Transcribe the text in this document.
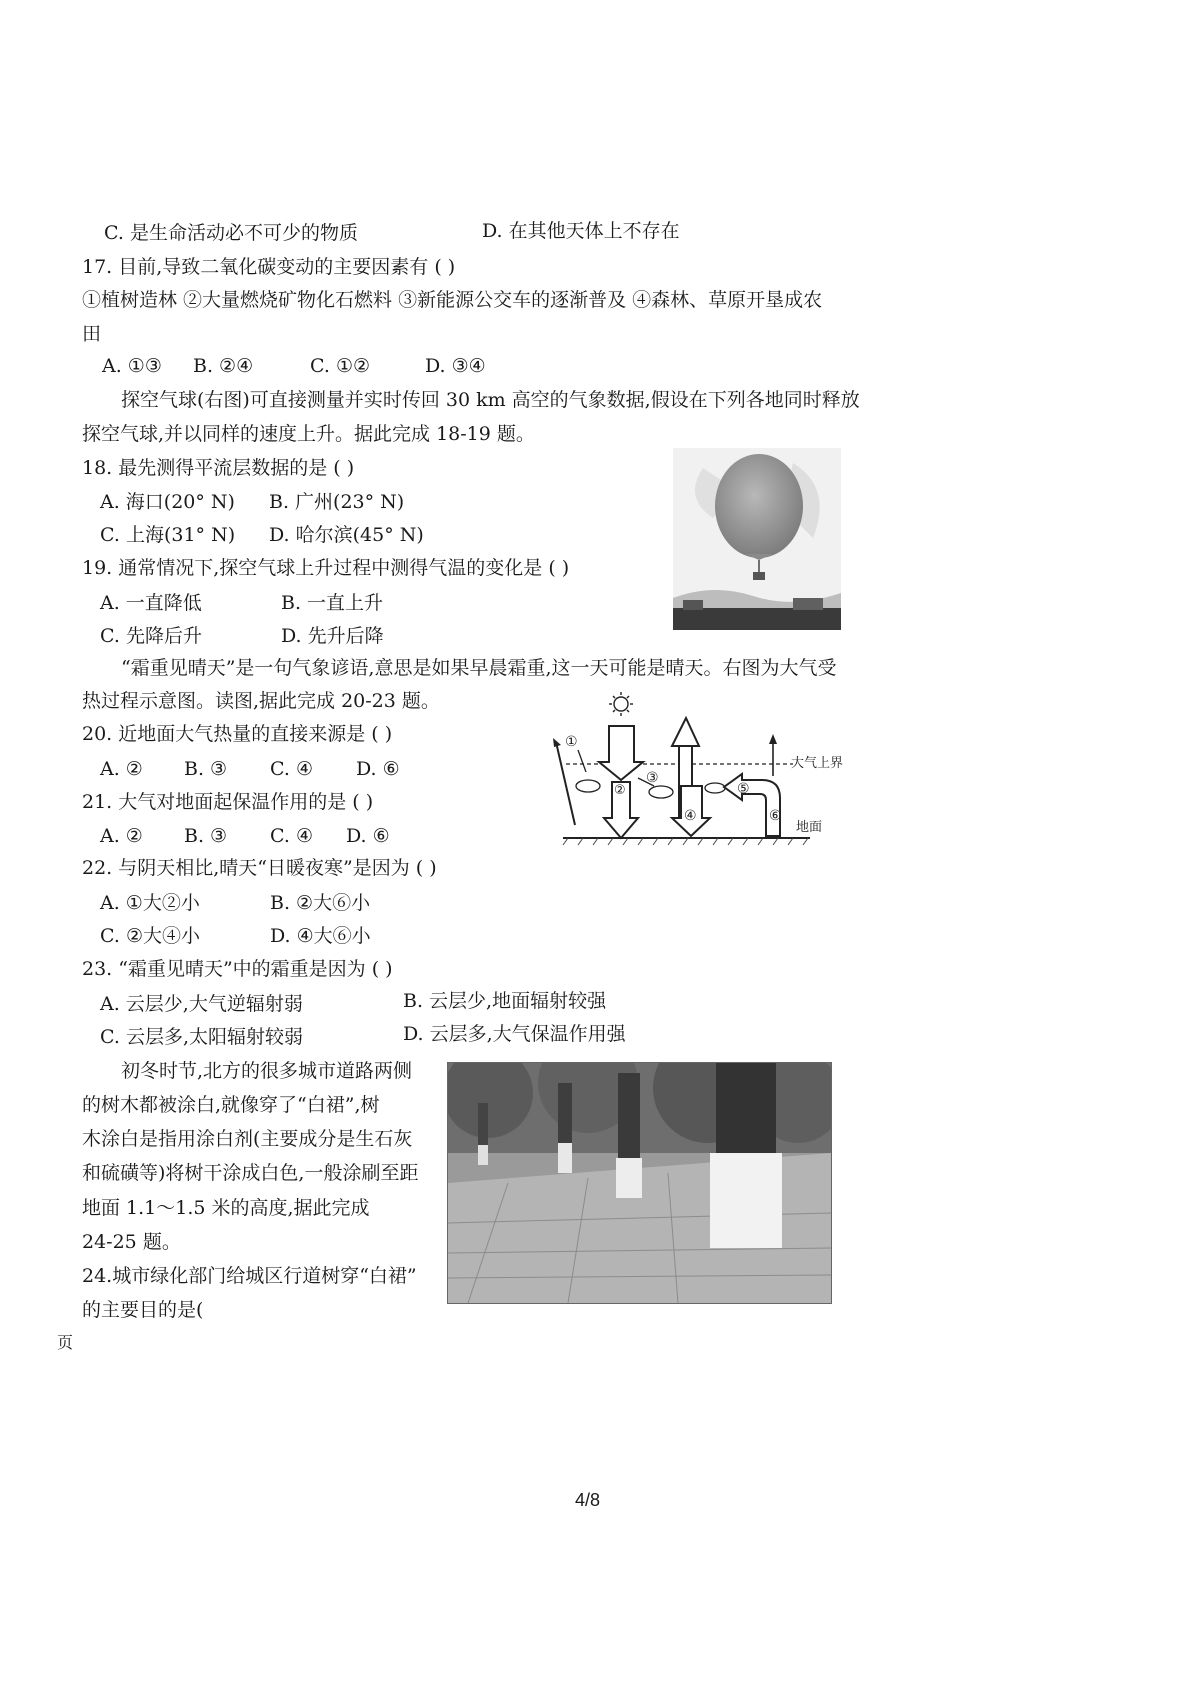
C. 是生命活动必不可少的物质	D. 在其他天体上不存在
17. 目前,导致二氧化碳变动的主要因素有 ( )
①植树造林 ②大量燃烧矿物化石燃料 ③新能源公交车的逐渐普及 ④森林、草原开垦成农
田
A. ①③ B. ②④	C. ①②	D. ③④
探空气球(右图)可直接测量并实时传回 30 km 高空的气象数据,假设在下列各地同时释放
探空气球,并以同样的速度上升。据此完成 18-19 题。
18. 最先测得平流层数据的是 ( )
A. 海口(20° N) B. 广州(23° N)
C. 上海(31° N) D. 哈尔滨(45° N)
19. 通常情况下,探空气球上升过程中测得气温的变化是 ( )
A. 一直降低	B. 一直上升
C. 先降后升	D. 先升后降
“霜重见晴天”是一句气象谚语,意思是如果早晨霜重,这一天可能是晴天。右图为大气受
热过程示意图。读图,据此完成 20-23 题。
20. 近地面大气热量的直接来源是 ( )
A. ② B. ③ C. ④ D. ⑥
21. 大气对地面起保温作用的是 ( )
A. ② B. ③ C. ④ D. ⑥
①
②
③
④
⑤
⑥
大气上界
地面
22. 与阴天相比,晴天“日暖夜寒”是因为 ( )
A. ①大②小	B. ②大⑥小
C. ②大④小	D. ④大⑥小
23. “霜重见晴天”中的霜重是因为 ( )
A. 云层少,大气逆辐射弱	B. 云层少,地面辐射较强
C. 云层多,太阳辐射较弱	D. 云层多,大气保温作用强
初冬时节,北方的很多城市道路两侧
的树木都被涂白,就像穿了“白裙”,树
木涂白是指用涂白剂(主要成分是生石灰
和硫磺等)将树干涂成白色,一般涂刷至距
地面 1.1～1.5 米的高度,据此完成
24-25 题。
24.城市绿化部门给城区行道树穿“白裙”
的主要目的是(
页
4/8
